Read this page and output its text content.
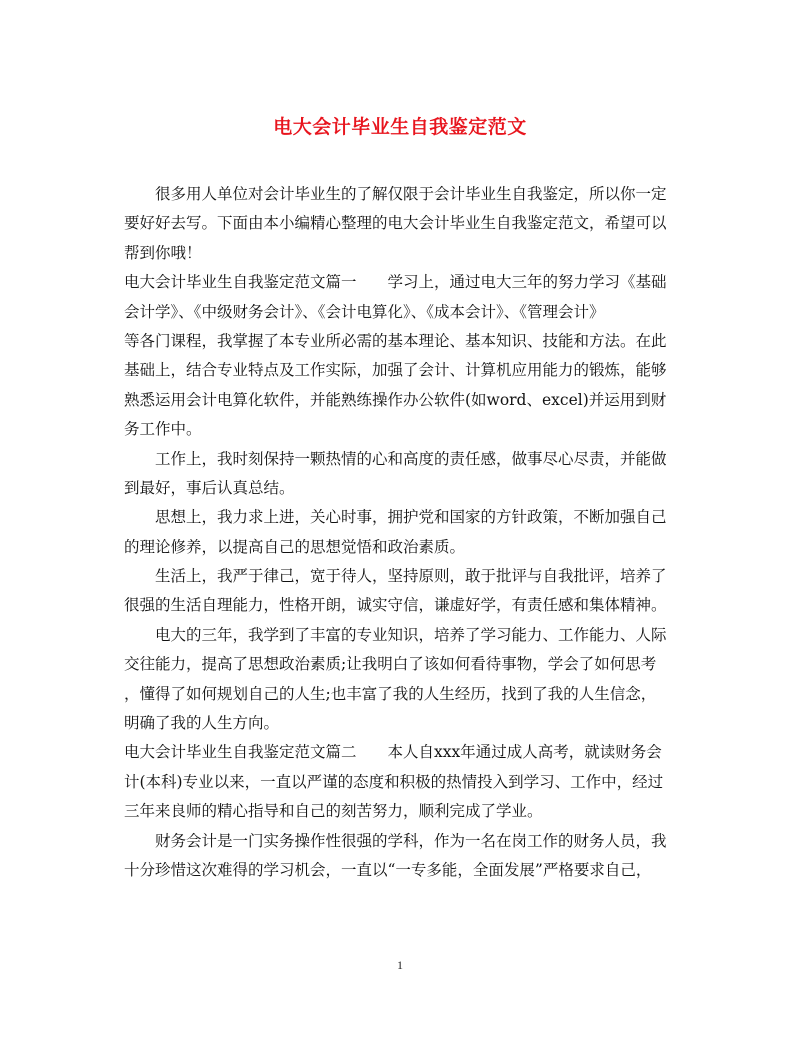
电大会计毕业生自我鉴定范文
　　很多用人单位对会计毕业生的了解仅限于会计毕业生自我鉴定，所以你一定
要好好去写。下面由本小编精心整理的电大会计毕业生自我鉴定范文，希望可以
帮到你哦！
电大会计毕业生自我鉴定范文篇一　　学习上，通过电大三年的努力学习《基础
会计学》、《中级财务会计》、《会计电算化》、《成本会计》、《管理会计》
等各门课程，我掌握了本专业所必需的基本理论、基本知识、技能和方法。在此
基础上，结合专业特点及工作实际，加强了会计、计算机应用能力的锻炼，能够
熟悉运用会计电算化软件，并能熟练操作办公软件(如word、excel)并运用到财
务工作中。
　　工作上，我时刻保持一颗热情的心和高度的责任感，做事尽心尽责，并能做
到最好，事后认真总结。
　　思想上，我力求上进，关心时事，拥护党和国家的方针政策，不断加强自己
的理论修养，以提高自己的思想觉悟和政治素质。
　　生活上，我严于律己，宽于待人，坚持原则，敢于批评与自我批评，培养了
很强的生活自理能力，性格开朗，诚实守信，谦虚好学，有责任感和集体精神。
　　电大的三年，我学到了丰富的专业知识，培养了学习能力、工作能力、人际
交往能力，提高了思想政治素质;让我明白了该如何看待事物，学会了如何思考
，懂得了如何规划自己的人生;也丰富了我的人生经历，找到了我的人生信念，
明确了我的人生方向。
电大会计毕业生自我鉴定范文篇二　　本人自xxx年通过成人高考，就读财务会
计(本科)专业以来，一直以严谨的态度和积极的热情投入到学习、工作中，经过
三年来良师的精心指导和自己的刻苦努力，顺利完成了学业。
　　财务会计是一门实务操作性很强的学科，作为一名在岗工作的财务人员，我
十分珍惜这次难得的学习机会，一直以“一专多能，全面发展”严格要求自己，
1
